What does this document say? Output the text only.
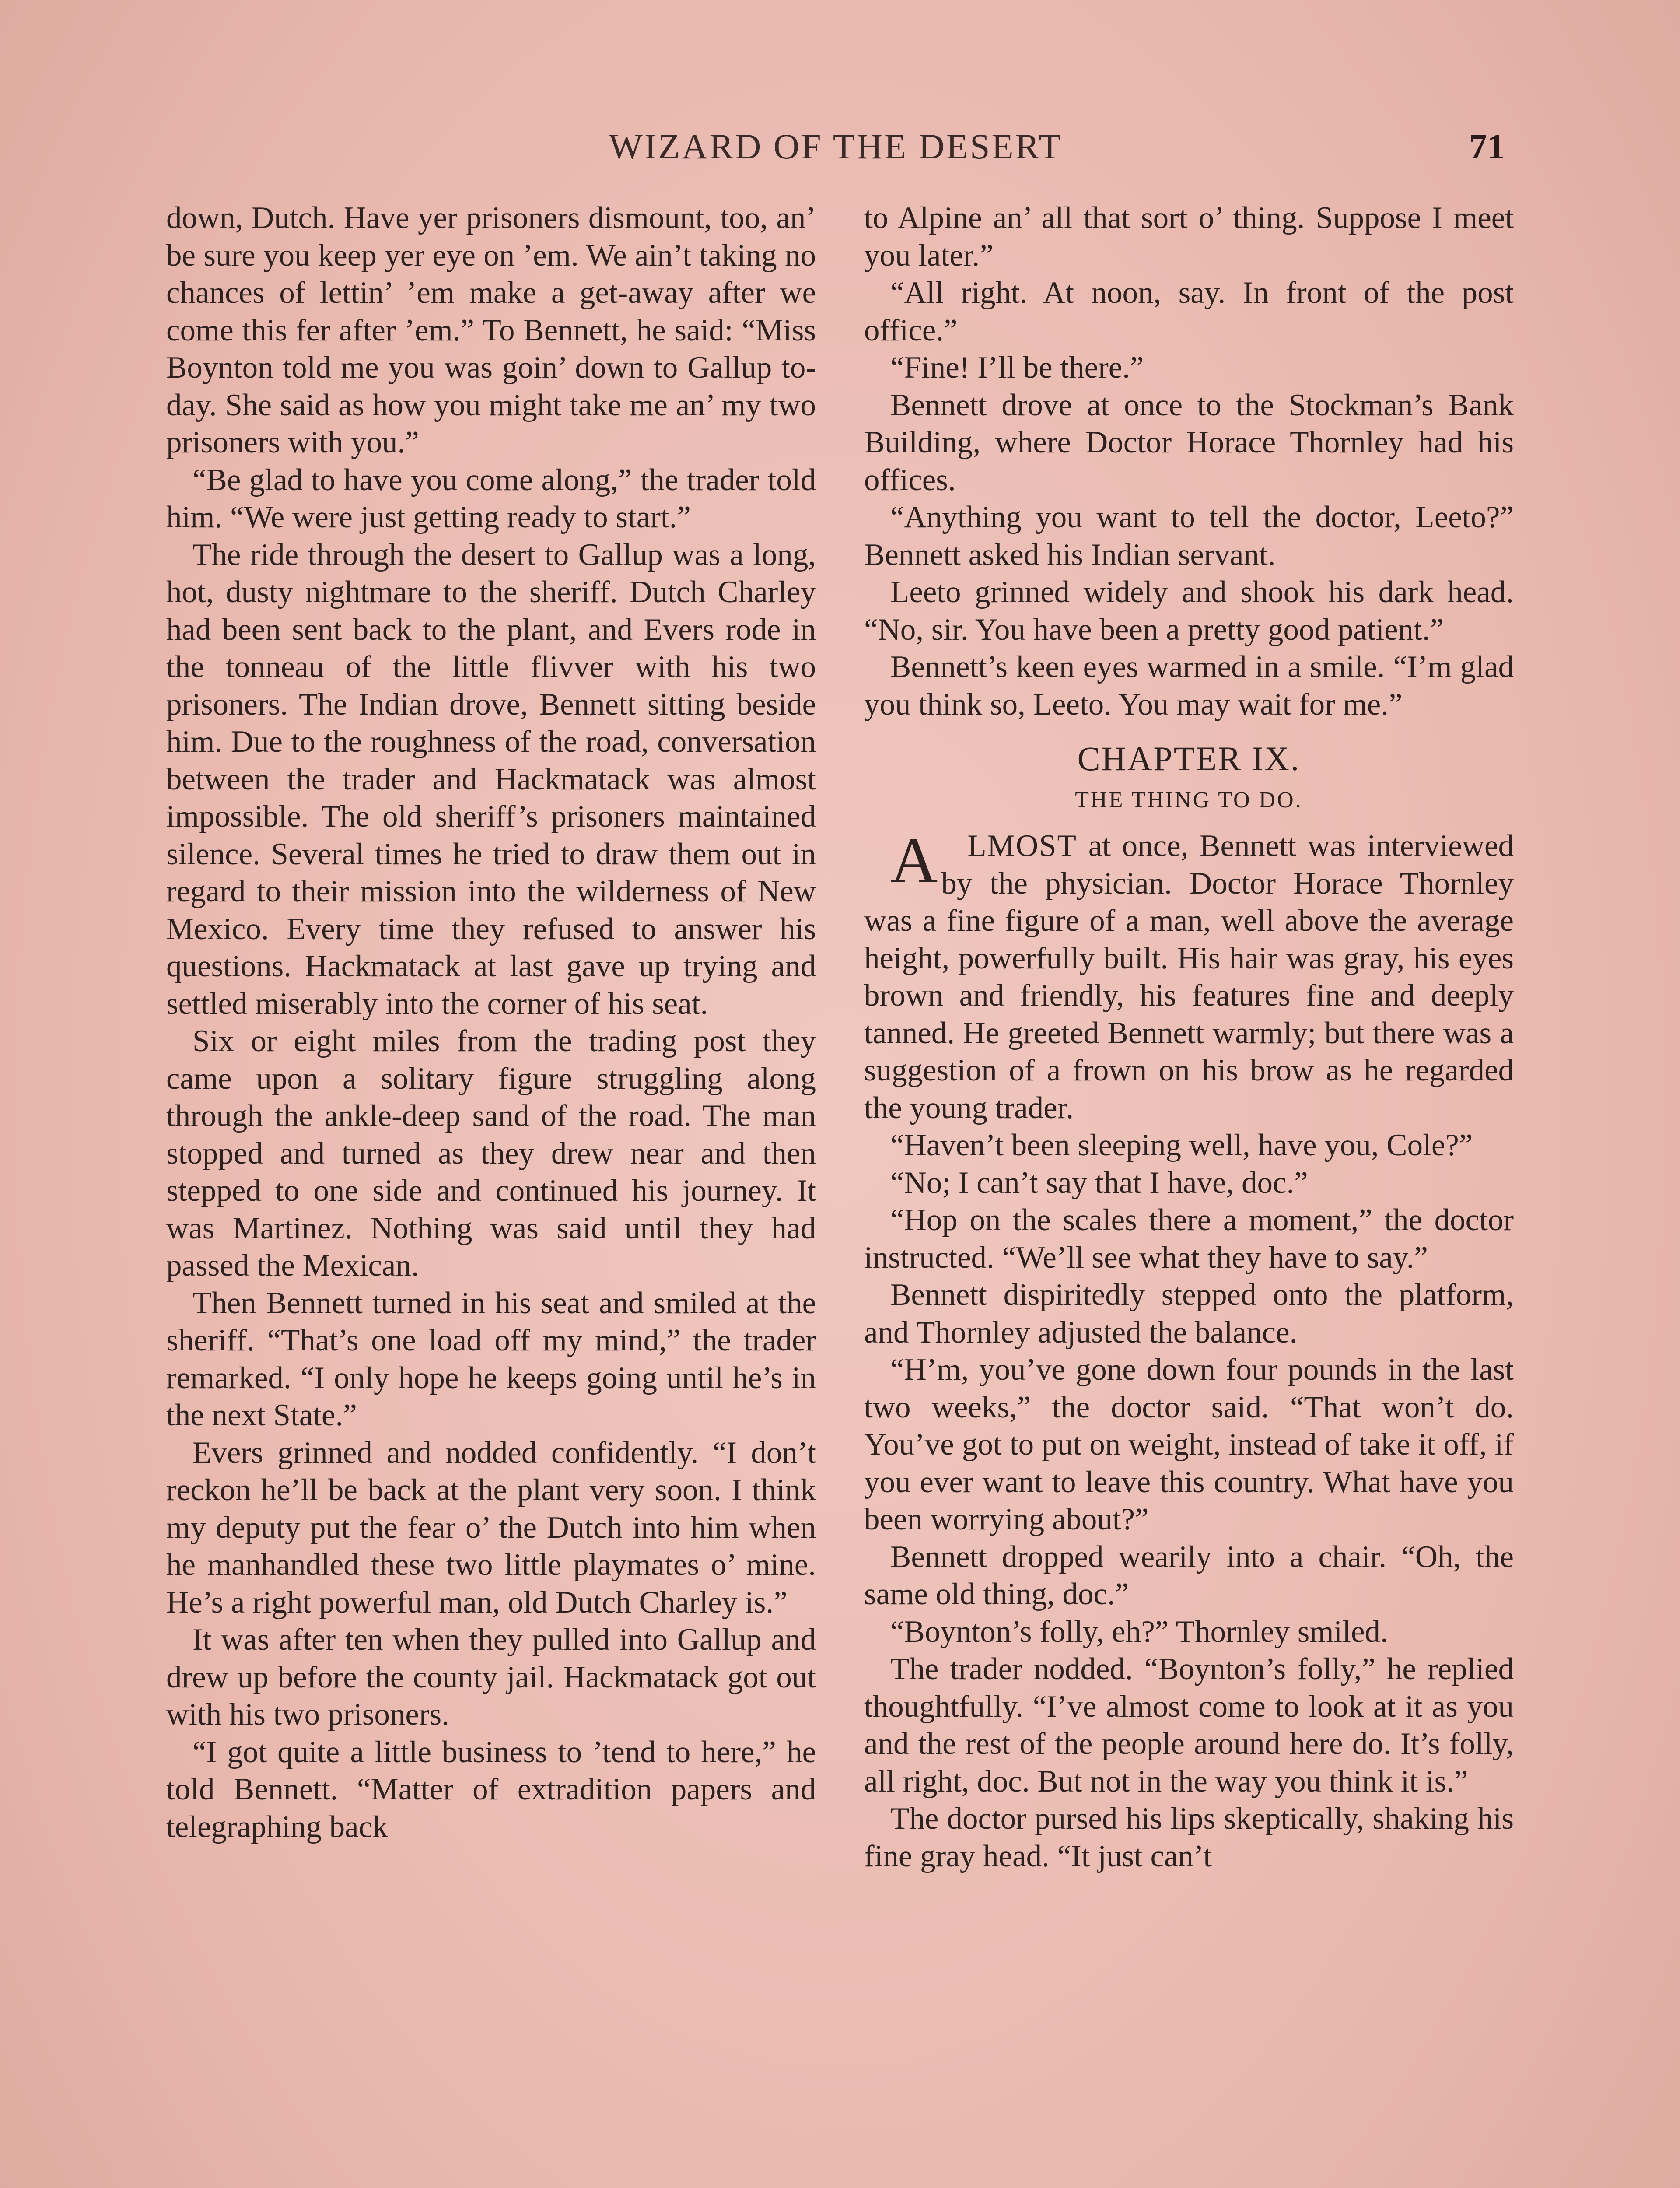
WIZARD OF THE DESERT	71

down, Dutch. Have yer prisoners dismount, too, an’ be sure you keep yer eye on ’em. We ain’t taking no chances of lettin’ ’em make a get-away after we come this fer after ’em.” To Bennett, he said: “Miss Boynton told me you was goin’ down to Gallup to-day. She said as how you might take me an’ my two prisoners with you.”

“Be glad to have you come along,” the trader told him. “We were just getting ready to start.”

The ride through the desert to Gallup was a long, hot, dusty nightmare to the sheriff. Dutch Charley had been sent back to the plant, and Evers rode in the tonneau of the little flivver with his two prisoners. The Indian drove, Bennett sitting beside him. Due to the roughness of the road, conversation between the trader and Hackmatack was almost impossible. The old sheriff’s prisoners maintained silence. Several times he tried to draw them out in regard to their mission into the wilderness of New Mexico. Every time they refused to answer his questions. Hackmatack at last gave up trying and settled miserably into the corner of his seat.

Six or eight miles from the trading post they came upon a solitary figure struggling along through the ankle-deep sand of the road. The man stopped and turned as they drew near and then stepped to one side and continued his journey. It was Martinez. Nothing was said until they had passed the Mexican.

Then Bennett turned in his seat and smiled at the sheriff. “That’s one load off my mind,” the trader remarked. “I only hope he keeps going until he’s in the next State.”

Evers grinned and nodded confidently. “I don’t reckon he’ll be back at the plant very soon. I think my deputy put the fear o’ the Dutch into him when he manhandled these two little playmates o’ mine. He’s a right powerful man, old Dutch Charley is.”

It was after ten when they pulled into Gallup and drew up before the county jail. Hackmatack got out with his two prisoners.

“I got quite a little business to ’tend to here,” he told Bennett. “Matter of extradition papers and telegraphing back

to Alpine an’ all that sort o’ thing. Suppose I meet you later.”

“All right. At noon, say. In front of the post office.”

“Fine! I’ll be there.”

Bennett drove at once to the Stockman’s Bank Building, where Doctor Horace Thornley had his offices.

“Anything you want to tell the doctor, Leeto?” Bennett asked his Indian servant.

Leeto grinned widely and shook his dark head. “No, sir. You have been a pretty good patient.”

Bennett’s keen eyes warmed in a smile. “I’m glad you think so, Leeto. You may wait for me.”

CHAPTER IX.
THE THING TO DO.

ALMOST at once, Bennett was interviewed by the physician. Doctor Horace Thornley was a fine figure of a man, well above the average height, powerfully built. His hair was gray, his eyes brown and friendly, his features fine and deeply tanned. He greeted Bennett warmly; but there was a suggestion of a frown on his brow as he regarded the young trader.

“Haven’t been sleeping well, have you, Cole?”

“No; I can’t say that I have, doc.”

“Hop on the scales there a moment,” the doctor instructed. “We’ll see what they have to say.”

Bennett dispiritedly stepped onto the platform, and Thornley adjusted the balance.

“H’m, you’ve gone down four pounds in the last two weeks,” the doctor said. “That won’t do. You’ve got to put on weight, instead of take it off, if you ever want to leave this country. What have you been worrying about?”

Bennett dropped wearily into a chair. “Oh, the same old thing, doc.”

“Boynton’s folly, eh?” Thornley smiled.

The trader nodded. “Boynton’s folly,” he replied thoughtfully. “I’ve almost come to look at it as you and the rest of the people around here do. It’s folly, all right, doc. But not in the way you think it is.”

The doctor pursed his lips skeptically, shaking his fine gray head. “It just can’t
